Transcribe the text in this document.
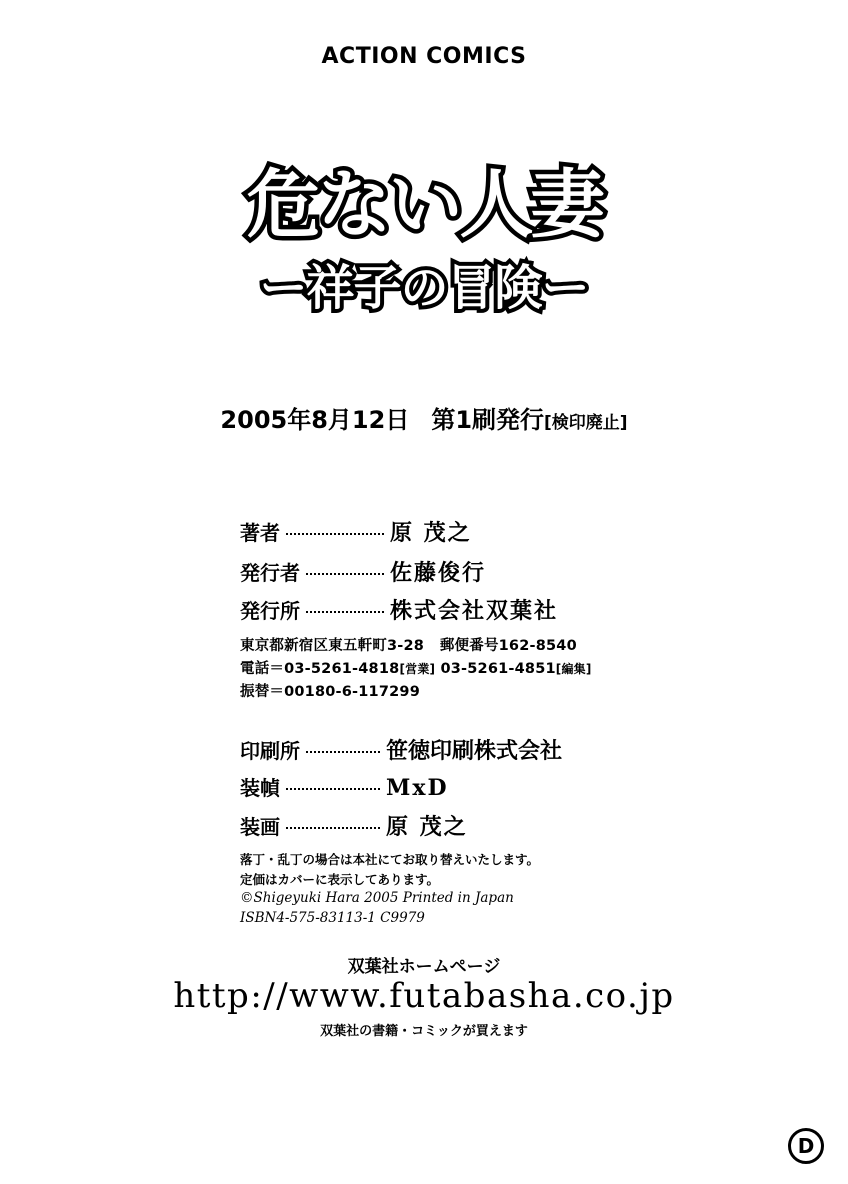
ACTION COMICS
危ない人妻
ー祥子の冒険ー
2005年8月12日 第1刷発行[検印廃止]
著者	原 茂之
発行者	佐藤俊行
発行所	株式会社双葉社
東京都新宿区東五軒町3-28 郵便番号162-8540
電話＝03-5261-4818[営業] 03-5261-4851[編集]
振替＝00180-6-117299
印刷所	笹徳印刷株式会社
装幀	MxD
装画	原 茂之
落丁・乱丁の場合は本社にてお取り替えいたします。
定価はカバーに表示してあります。
©Shigeyuki Hara 2005 Printed in Japan
ISBN4-575-83113-1 C9979
双葉社ホームページ
http://www.futabasha.co.jp
双葉社の書籍・コミックが買えます
D
